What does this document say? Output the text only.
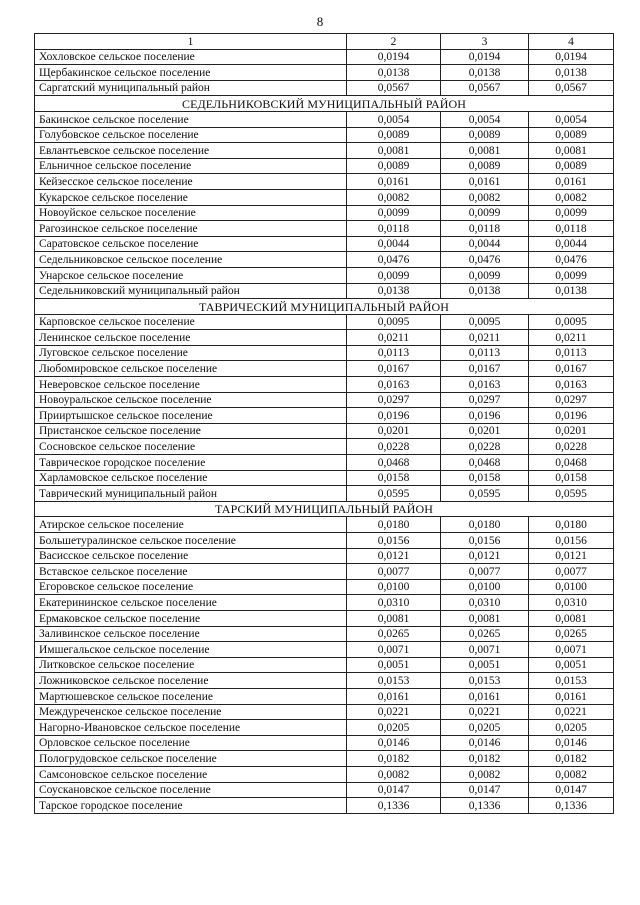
8
1	2	3	4
Хохловское сельское поселение	0,0194	0,0194	0,0194
Щербакинское сельское поселение	0,0138	0,0138	0,0138
Саргатский муниципальный район	0,0567	0,0567	0,0567
СЕДЕЛЬНИКОВСКИЙ МУНИЦИПАЛЬНЫЙ РАЙОН			
Бакинское сельское поселение	0,0054	0,0054	0,0054
Голубовское сельское поселение	0,0089	0,0089	0,0089
Евлантьевское сельское поселение	0,0081	0,0081	0,0081
Ельничное сельское поселение	0,0089	0,0089	0,0089
Кейзесское сельское поселение	0,0161	0,0161	0,0161
Кукарское сельское поселение	0,0082	0,0082	0,0082
Новоуйское сельское поселение	0,0099	0,0099	0,0099
Рагозинское сельское поселение	0,0118	0,0118	0,0118
Саратовское сельское поселение	0,0044	0,0044	0,0044
Седельниковское сельское поселение	0,0476	0,0476	0,0476
Унарское сельское поселение	0,0099	0,0099	0,0099
Седельниковский муниципальный район	0,0138	0,0138	0,0138
ТАВРИЧЕСКИЙ МУНИЦИПАЛЬНЫЙ РАЙОН			
Карповское сельское поселение	0,0095	0,0095	0,0095
Ленинское сельское поселение	0,0211	0,0211	0,0211
Луговское сельское поселение	0,0113	0,0113	0,0113
Любомировское сельское поселение	0,0167	0,0167	0,0167
Неверовское сельское поселение	0,0163	0,0163	0,0163
Новоуральское сельское поселение	0,0297	0,0297	0,0297
Прииртышское сельское поселение	0,0196	0,0196	0,0196
Пристанское сельское поселение	0,0201	0,0201	0,0201
Сосновское сельское поселение	0,0228	0,0228	0,0228
Таврическое городское поселение	0,0468	0,0468	0,0468
Харламовское сельское поселение	0,0158	0,0158	0,0158
Таврический муниципальный район	0,0595	0,0595	0,0595
ТАРСКИЙ МУНИЦИПАЛЬНЫЙ РАЙОН			
Атирское сельское поселение	0,0180	0,0180	0,0180
Большетуралинское сельское поселение	0,0156	0,0156	0,0156
Васисское сельское поселение	0,0121	0,0121	0,0121
Вставское сельское поселение	0,0077	0,0077	0,0077
Егоровское сельское поселение	0,0100	0,0100	0,0100
Екатерининское сельское поселение	0,0310	0,0310	0,0310
Ермаковское сельское поселение	0,0081	0,0081	0,0081
Заливинское сельское поселение	0,0265	0,0265	0,0265
Имшегальское сельское поселение	0,0071	0,0071	0,0071
Литковское сельское поселение	0,0051	0,0051	0,0051
Ложниковское сельское поселение	0,0153	0,0153	0,0153
Мартюшевское сельское поселение	0,0161	0,0161	0,0161
Междуреченское сельское поселение	0,0221	0,0221	0,0221
Нагорно-Ивановское сельское поселение	0,0205	0,0205	0,0205
Орловское сельское поселение	0,0146	0,0146	0,0146
Пологрудовское сельское поселение	0,0182	0,0182	0,0182
Самсоновское сельское поселение	0,0082	0,0082	0,0082
Соускановское сельское поселение	0,0147	0,0147	0,0147
Тарское городское поселение	0,1336	0,1336	0,1336
